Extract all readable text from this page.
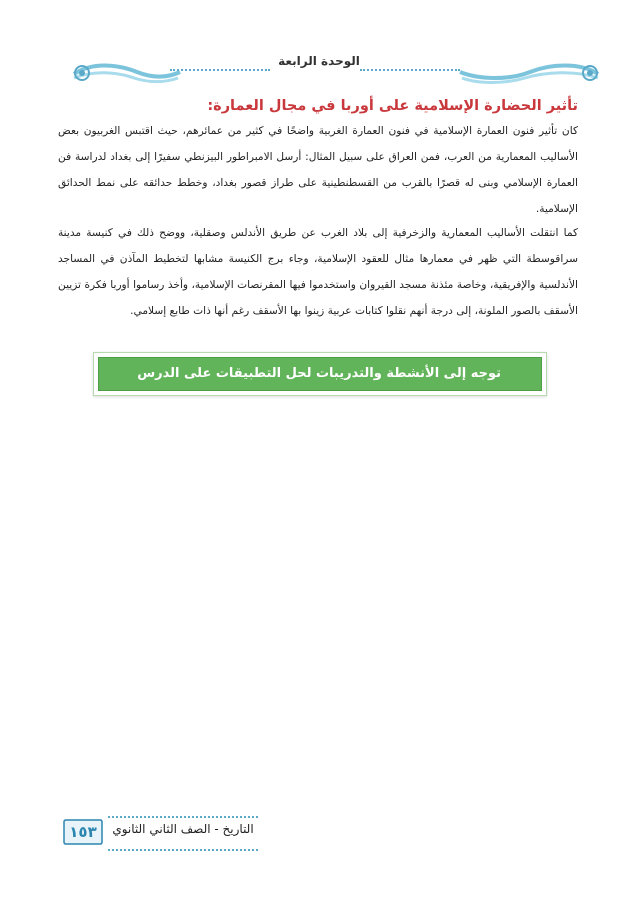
الوحدة الرابعة
تأثير الحضارة الإسلامية على أوربا في مجال العمارة:
كان تأثير فنون العمارة الإسلامية في فنون العمارة الغربية واضحًا في كثير من عمائرهم، حيث اقتبس الغربيون بعض الأساليب المعمارية من العرب، فمن العراق على سبيل المثال: أرسل الامبراطور البيزنطي سفيرًا إلى بغداد لدراسة فن العمارة الإسلامي وبنى له قصرًا بالقرب من القسطنطينية على طراز قصور بغداد، وخطط حدائقه على نمط الحدائق الإسلامية.
كما انتقلت الأساليب المعمارية والزخرفية إلى بلاد الغرب عن طريق الأندلس وصقلية، ووضح ذلك في كنيسة مدينة سراقوسطة التي ظهر في معمارها مثال للعقود الإسلامية، وجاء برج الكنيسة مشابها لتخطيط المآذن في المساجد الأندلسية والإفريقية، وخاصة مئذنة مسجد القيروان واستخدموا فيها المقرنصات الإسلامية، وأخذ رساموا أوربا فكرة تزيين الأسقف بالصور الملونة، إلى درجة أنهم نقلوا كتابات عربية زينوا بها الأسقف رغم أنها ذات طابع إسلامي.
توجه إلى الأنشطة والتدريبات لحل التطبيقات على الدرس
التاريخ - الصف الثاني الثانوي
١٥٣
